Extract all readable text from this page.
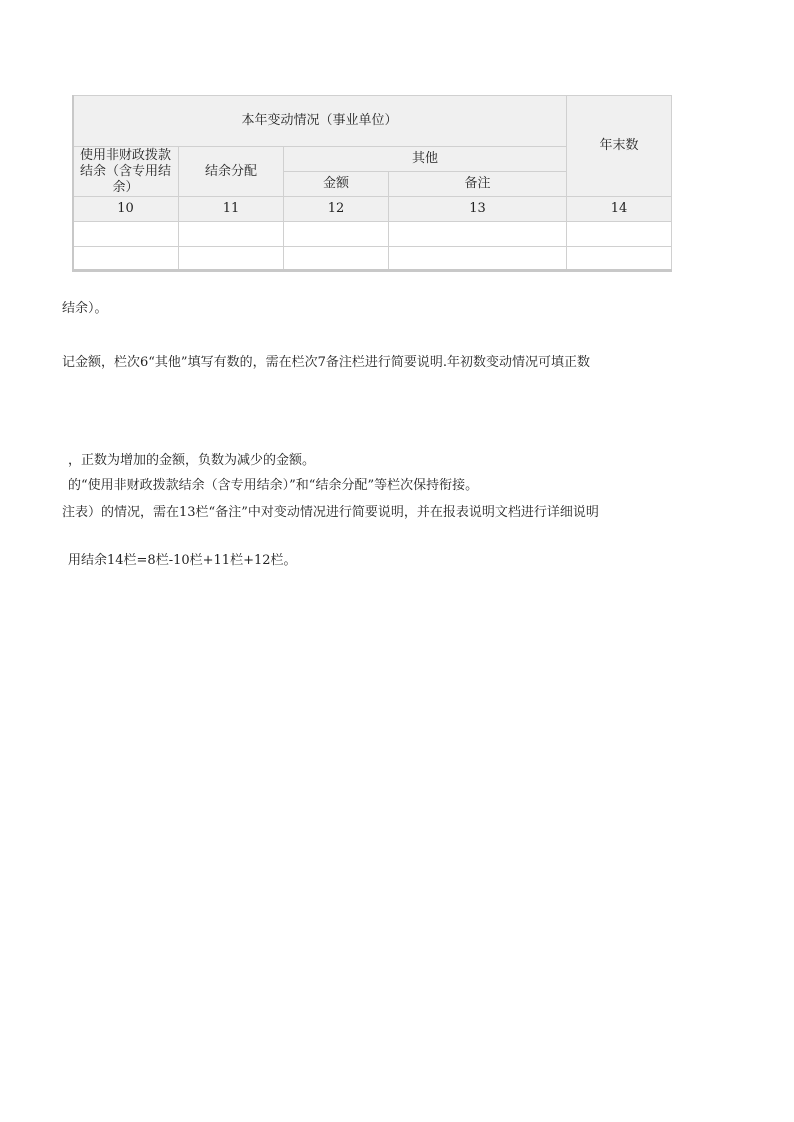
本年变动情况（事业单位）				年末数
使用非财政拨款结余（含专用结余）	结余分配	其他		
		金额	备注	
10	11	12	13	14

结余）。
记金额，栏次6“其他”填写有数的，需在栏次7备注栏进行简要说明.年初数变动情况可填正数
，正数为增加的金额，负数为减少的金额。
的“使用非财政拨款结余（含专用结余）”和“结余分配”等栏次保持衔接。
注表）的情况，需在13栏“备注”中对变动情况进行简要说明，并在报表说明文档进行详细说明
用结余14栏=8栏-10栏+11栏+12栏。
